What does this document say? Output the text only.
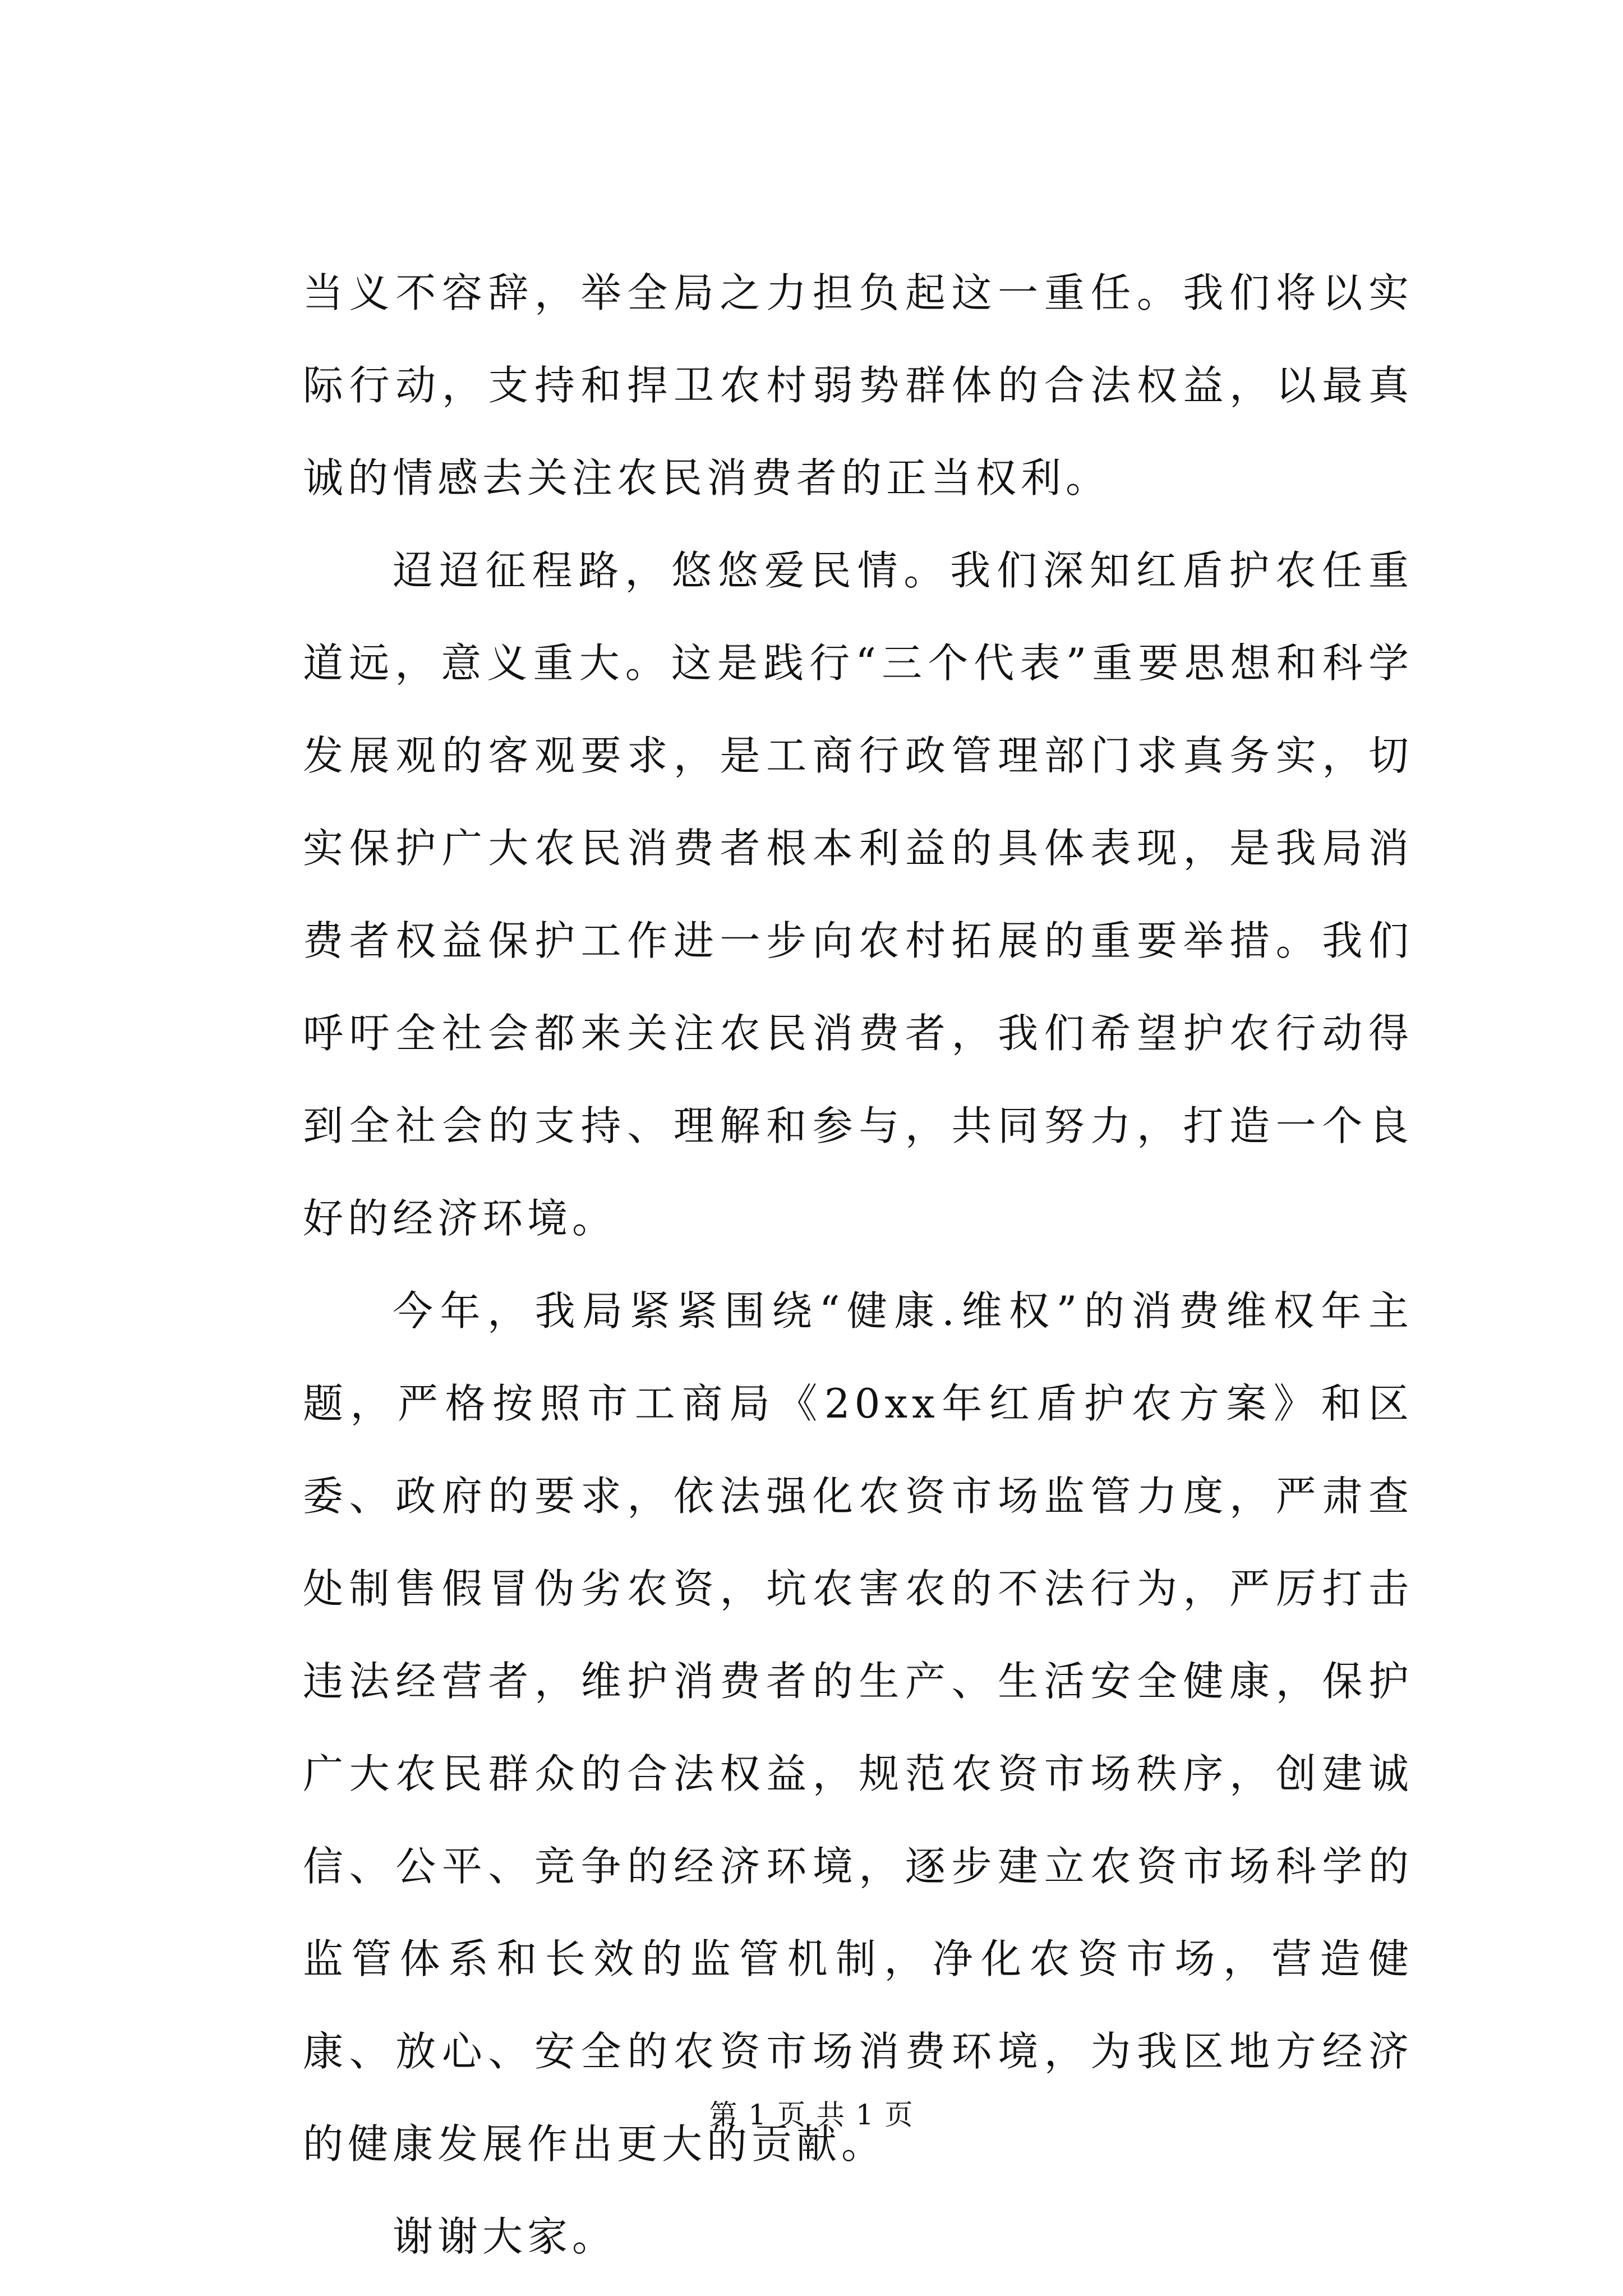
当义不容辞，举全局之力担负起这一重任。我们将以实际行动，支持和捍卫农村弱势群体的合法权益，以最真诚的情感去关注农民消费者的正当权利。

迢迢征程路，悠悠爱民情。我们深知红盾护农任重道远，意义重大。这是践行“三个代表”重要思想和科学发展观的客观要求，是工商行政管理部门求真务实，切实保护广大农民消费者根本利益的具体表现，是我局消费者权益保护工作进一步向农村拓展的重要举措。我们呼吁全社会都来关注农民消费者，我们希望护农行动得到全社会的支持、理解和参与，共同努力，打造一个良好的经济环境。

今年，我局紧紧围绕“健康.维权”的消费维权年主题，严格按照市工商局《20xx年红盾护农方案》和区委、政府的要求，依法强化农资市场监管力度，严肃查处制售假冒伪劣农资，坑农害农的不法行为，严厉打击违法经营者，维护消费者的生产、生活安全健康，保护广大农民群众的合法权益，规范农资市场秩序，创建诚信、公平、竞争的经济环境，逐步建立农资市场科学的监管体系和长效的监管机制，净化农资市场，营造健康、放心、安全的农资市场消费环境，为我区地方经济的健康发展作出更大的贡献。

谢谢大家。

第 1 页 共 1 页
